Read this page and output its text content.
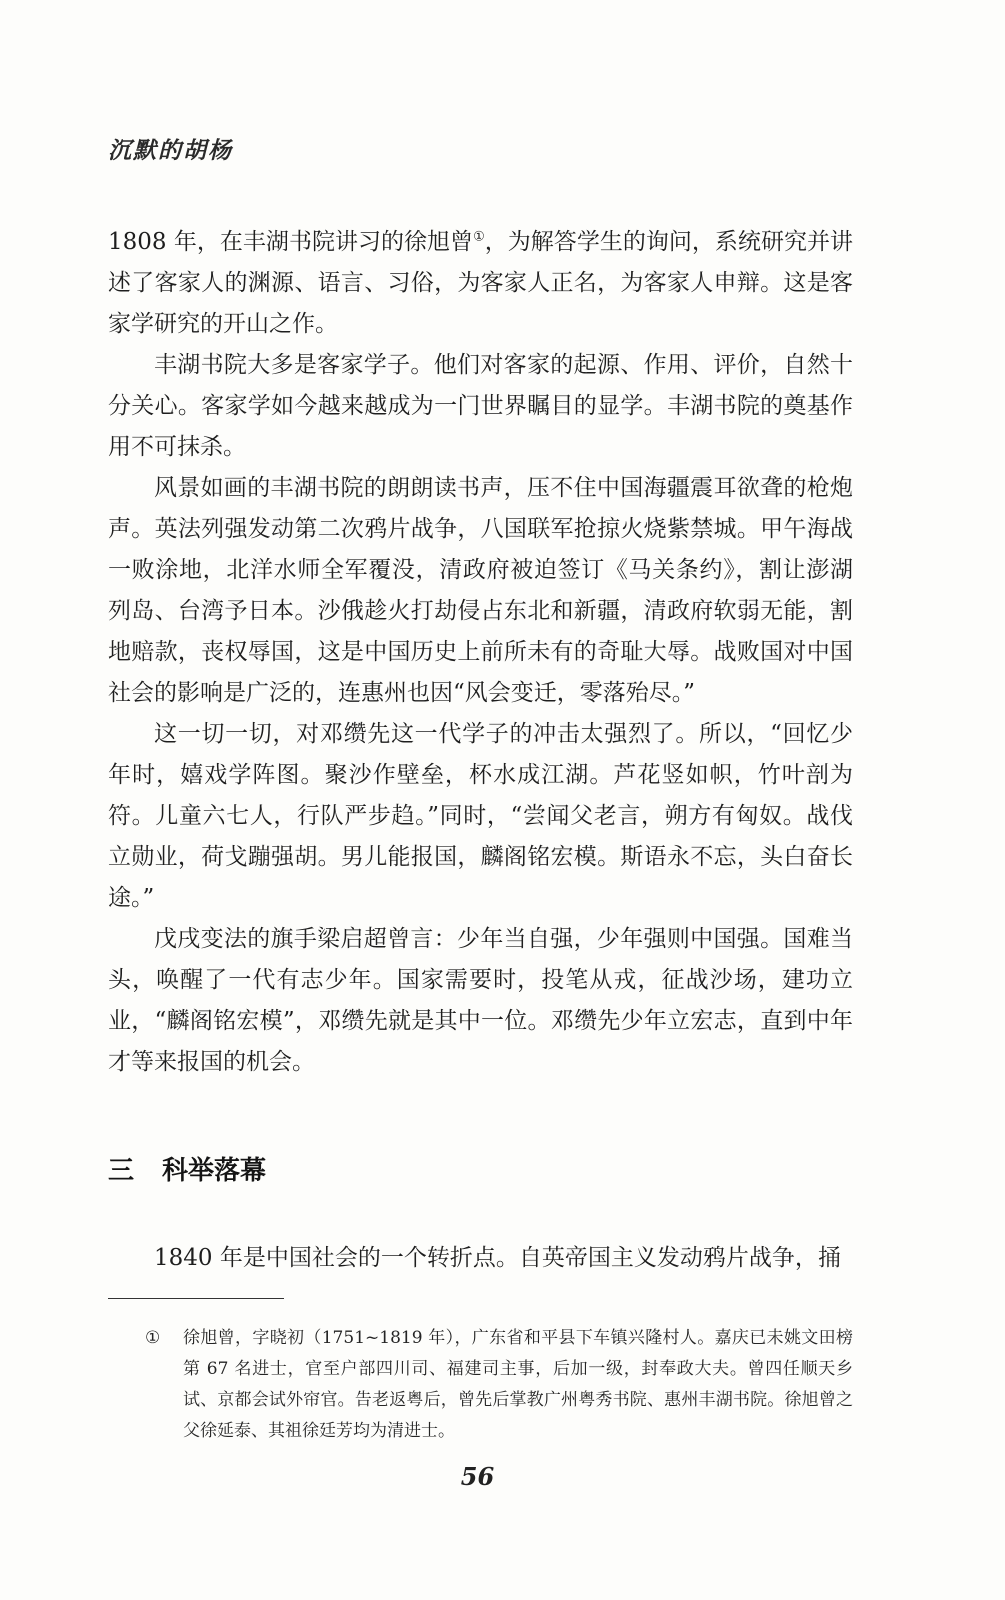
沉默的胡杨

1808 年，在丰湖书院讲习的徐旭曾①，为解答学生的询问，系统研究并讲述了客家人的渊源、语言、习俗，为客家人正名，为客家人申辩。这是客家学研究的开山之作。

丰湖书院大多是客家学子。他们对客家的起源、作用、评价，自然十分关心。客家学如今越来越成为一门世界瞩目的显学。丰湖书院的奠基作用不可抹杀。

风景如画的丰湖书院的朗朗读书声，压不住中国海疆震耳欲聋的枪炮声。英法列强发动第二次鸦片战争，八国联军抢掠火烧紫禁城。甲午海战一败涂地，北洋水师全军覆没，清政府被迫签订《马关条约》，割让澎湖列岛、台湾予日本。沙俄趁火打劫侵占东北和新疆，清政府软弱无能，割地赔款，丧权辱国，这是中国历史上前所未有的奇耻大辱。战败国对中国社会的影响是广泛的，连惠州也因“风会变迁，零落殆尽。”

这一切一切，对邓缵先这一代学子的冲击太强烈了。所以，“回忆少年时，嬉戏学阵图。聚沙作壁垒，杯水成江湖。芦花竖如帜，竹叶剖为符。儿童六七人，行队严步趋。”同时，“尝闻父老言，朔方有匈奴。战伐立勋业，荷戈蹦强胡。男儿能报国，麟阁铭宏模。斯语永不忘，头白奋长途。”

戊戌变法的旗手梁启超曾言：少年当自强，少年强则中国强。国难当头，唤醒了一代有志少年。国家需要时，投笔从戎，征战沙场，建功立业，“麟阁铭宏模”，邓缵先就是其中一位。邓缵先少年立宏志，直到中年才等来报国的机会。

三 科举落幕

1840 年是中国社会的一个转折点。自英帝国主义发动鸦片战争，捅

①	徐旭曾，字晓初（1751~1819 年），广东省和平县下车镇兴隆村人。嘉庆已未姚文田榜第 67 名进士，官至户部四川司、福建司主事，后加一级，封奉政大夫。曾四任顺天乡试、京都会试外帘官。告老返粤后，曾先后掌教广州粤秀书院、惠州丰湖书院。徐旭曾之父徐延泰、其祖徐廷芳均为清进士。
56
